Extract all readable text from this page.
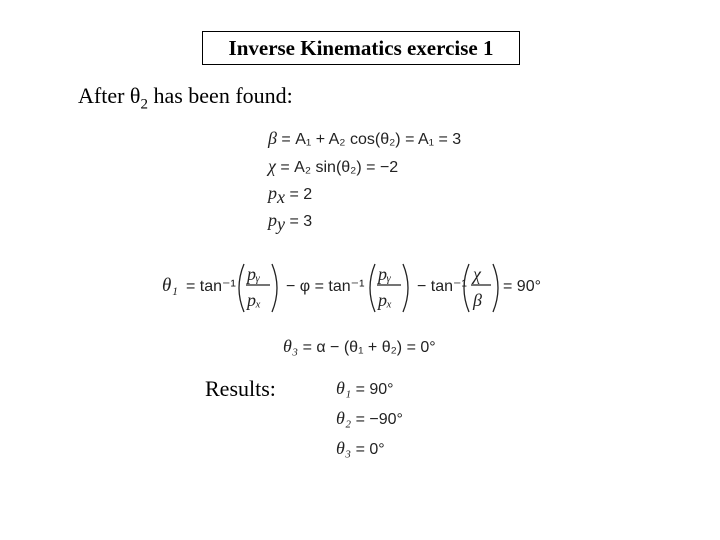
Inverse Kinematics exercise 1
After $\theta_2$ has been found:
β = A₁ + A₂ cos(θ₂) = A₁ = 3
χ = A₂ sin(θ₂) = −2
$p_x = 2$
$p_y = 3$
θ₁ = tan⁻¹
pᵧ
pₓ
− φ = tan⁻¹
pᵧ
pₓ
− tan⁻¹
χ
β
= 90°
θ₃ = α − (θ₁ + θ₂) = 0°
Results:	θ₁ = 90°
θ₂ = −90°
θ₃ = 0°
